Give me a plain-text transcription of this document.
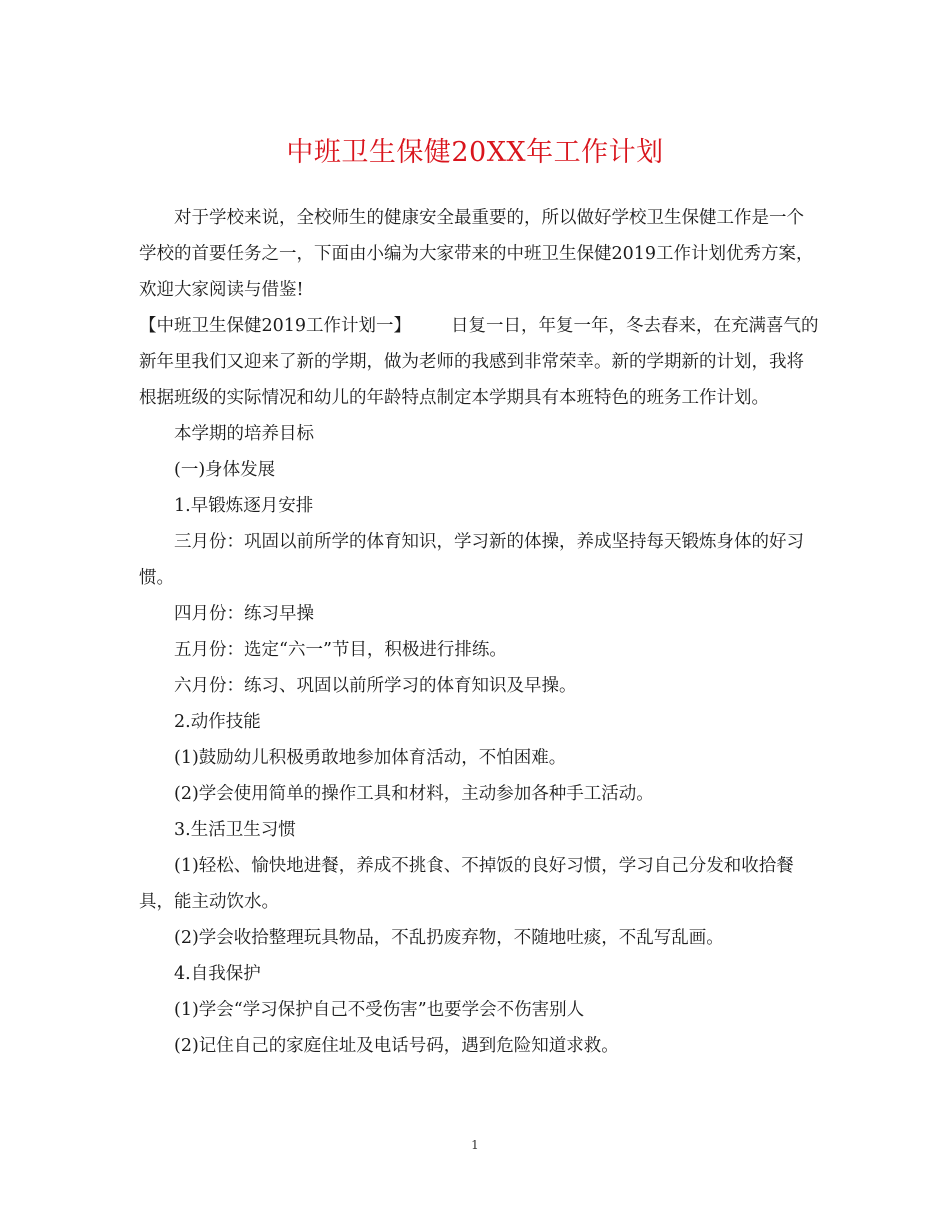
中班卫生保健20XX年工作计划

对于学校来说，全校师生的健康安全最重要的，所以做好学校卫生保健工作是一个学校的首要任务之一，下面由小编为大家带来的中班卫生保健2019工作计划优秀方案，欢迎大家阅读与借鉴!

【中班卫生保健2019工作计划一】 日复一日，年复一年，冬去春来，在充满喜气的新年里我们又迎来了新的学期，做为老师的我感到非常荣幸。新的学期新的计划，我将根据班级的实际情况和幼儿的年龄特点制定本学期具有本班特色的班务工作计划。

本学期的培养目标

(一)身体发展

1.早锻炼逐月安排

三月份：巩固以前所学的体育知识，学习新的体操，养成坚持每天锻炼身体的好习惯。

四月份：练习早操

五月份：选定“六一”节目，积极进行排练。

六月份：练习、巩固以前所学习的体育知识及早操。

2.动作技能

(1)鼓励幼儿积极勇敢地参加体育活动，不怕困难。

(2)学会使用简单的操作工具和材料，主动参加各种手工活动。

3.生活卫生习惯

(1)轻松、愉快地进餐，养成不挑食、不掉饭的良好习惯，学习自己分发和收拾餐具，能主动饮水。

(2)学会收拾整理玩具物品，不乱扔废弃物，不随地吐痰，不乱写乱画。

4.自我保护

(1)学会“学习保护自己不受伤害”也要学会不伤害别人

(2)记住自己的家庭住址及电话号码，遇到危险知道求救。

1
